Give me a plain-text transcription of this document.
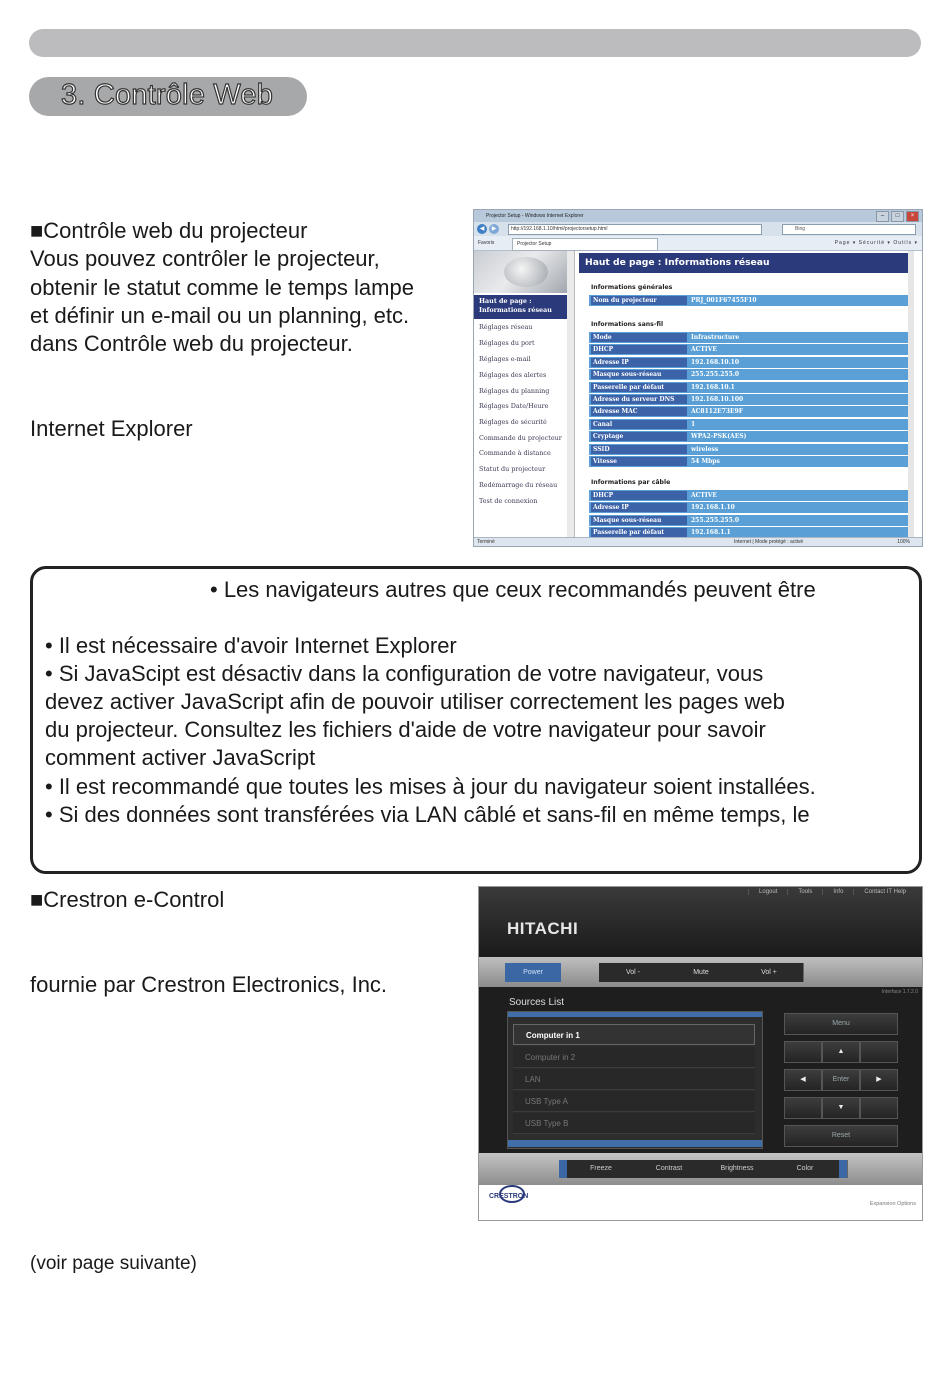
3. Contrôle Web
■Contrôle web du projecteur
Vous pouvez contrôler le projecteur,
obtenir le statut comme le temps lampe
et définir un e-mail ou un planning, etc.
dans Contrôle web du projecteur.
Internet Explorer
Projector Setup - Windows Internet Explorer	–	□	×
◀	▶	http://192.168.1.10/html/projectorsetup.html	Bing
Favoris	Projector Setup	Page ▾ Sécurité ▾ Outils ▾
Haut de page :
Informations réseau
Réglages réseau
Réglages du port
Réglages e-mail
Réglages des alertes
Réglages du planning
Réglages Date/Heure
Réglages de sécurité
Commande du projecteur
Commande à distance
Statut du projecteur
Redémarrage du réseau
Test de connexion
Haut de page : Informations réseau
Informations générales
Nom du projecteur	PRJ_001F67455F10
Informations sans-fil
Mode	Infrastructure
DHCP	ACTIVE
Adresse IP	192.168.10.10
Masque sous-réseau	255.255.255.0
Passerelle par défaut	192.168.10.1
Adresse du serveur DNS	192.168.10.100
Adresse MAC	AC8112E73E9F
Canal	1
Cryptage	WPA2-PSK(AES)
SSID	wireless
Vitesse	54 Mbps
Informations par câble
DHCP	ACTIVE
Adresse IP	192.168.1.10
Masque sous-réseau	255.255.255.0
Passerelle par défaut	192.168.1.1
Terminé	Internet | Mode protégé : activé	100%
• Les navigateurs autres que ceux recommandés peuvent être
• Il est nécessaire d'avoir Internet Explorer
• Si JavaScipt est désactiv dans la configuration de votre navigateur, vous
devez activer JavaScript afin de pouvoir utiliser correctement les pages web
du projecteur. Consultez les fichiers d'aide de votre navigateur pour savoir
comment activer JavaScript
• Il est recommandé que toutes les mises à jour du navigateur soient installées.
• Si des données sont transférées via LAN câblé et sans-fil en même temps, le
■Crestron e-Control
fournie par Crestron Electronics, Inc.
(voir page suivante)
Logout	Tools	Info	Contact IT Help
HITACHI
Power	Vol -	Mute	Vol +
Interface 1.7.2.0
Sources List
Computer in 1
Computer in 2
LAN
USB Type A
USB Type B
Menu
▲
◀	Enter	▶
▼
Reset
Freeze	Contrast	Brightness	Color
CRESTRON
Expansion Options
